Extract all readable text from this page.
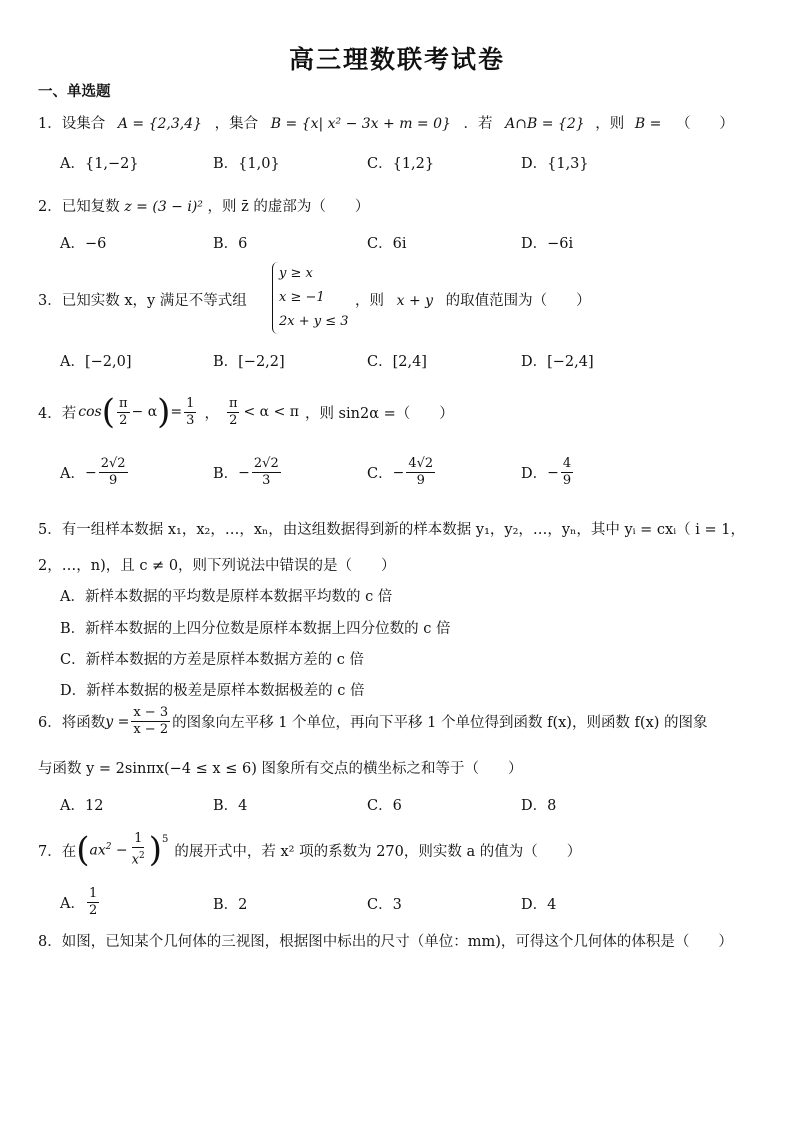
高三理数联考试卷
一、单选题
1．设集合 A = {2,3,4} ，集合 B = {x| x² − 3x + m = 0} ．若 A∩B = {2} ，则 B = （　　）
A．{1,−2}	B．{1,0}	C．{1,2}	D．{1,3}
2．已知复数 z = (3 − i)² ，则 z̄ 的虚部为（　　）
A．−6	B．6	C．6i	D．−6i
3．已知实数 x，y 满足不等式组
y ≥ x
x ≥ −1
2x + y ≤ 3
，则 x + y 的取值范围为（　　）
A．[−2,0]	B．[−2,2]	C．[2,4]	D．[−2,4]
4．若 cos ( $\frac{\pi}{2} - \alpha$ ) = $\frac{1}{3}$ ， $\frac{\pi}{2} < \alpha < \pi$ ，则 sin2α =（　　）
A． − $\frac{2√2}{9}$	B． − $\frac{2√2}{3}$	C． − $\frac{4√2}{9}$	D． − $\frac{4}{9}$
5．有一组样本数据 x₁，x₂，…，xₙ，由这组数据得到新的样本数据 y₁，y₂，…，yₙ，其中 yᵢ = cxᵢ（ i = 1，
2，…，n)，且 c ≠ 0，则下列说法中错误的是（　　）
A．新样本数据的平均数是原样本数据平均数的 c 倍
B．新样本数据的上四分位数是原样本数据上四分位数的 c 倍
C．新样本数据的方差是原样本数据方差的 c 倍
D．新样本数据的极差是原样本数据极差的 c 倍
6．将函数 $y = \frac{x - 3}{x - 2}$ 的图象向左平移 1 个单位，再向下平移 1 个单位得到函数 f(x)，则函数 f(x) 的图象
与函数 y = 2sinπx(−4 ≤ x ≤ 6) 图象所有交点的横坐标之和等于（　　）
A．12	B．4	C．6	D．8
7．在 ( $ax^2 - \frac{1}{x^2} )^5$
的展开式中，若 x² 项的系数为 270，则实数 a 的值为（　　）
A． $\frac{1}{2}$	B．2	C．3	D．4
8．如图，已知某个几何体的三视图，根据图中标出的尺寸（单位：mm)，可得这个几何体的体积是（　　）
